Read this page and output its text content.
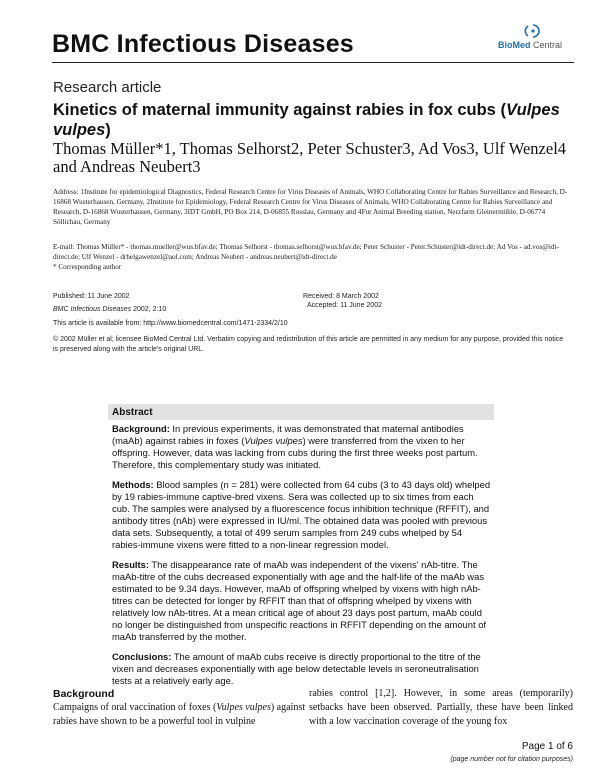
BMC Infectious Diseases	BioMed Central
Research article
Kinetics of maternal immunity against rabies in fox cubs (Vulpes vulpes)
Thomas Müller*1, Thomas Selhorst2, Peter Schuster3, Ad Vos3, Ulf Wenzel4
and Andreas Neubert3
Address: 1Institute for epidemiological Diagnostics, Federal Research Centre for Virus Diseases of Animals, WHO Collaborating Centre for Rabies Surveillance and Research, D-16868 Wusterhausen, Germany, 2Institute for Epidemiology, Federal Research Centre for Virus Diseases of Animals, WHO Collaborating Centre for Rabies Surveillance and Research, D-16868 Wusterhausen, Germany, 3IDT GmbH, PO Box 214, D-06855 Rosslau, Germany and 4Fur Animal Breeding station, Nerzfarm Gleinermühle, D-06774 Söllichau, Germany
E-mail: Thomas Müller* - thomas.mueller@wus.bfav.de; Thomas Selhorst - thomas.selhorst@wus.bfav.de; Peter Schuster - Peter.Schuster@idt-direct.de; Ad Vos - ad.vos@idt-direct.de; Ulf Wenzel - drhelgawenzel@aol.com; Andreas Neubert - andreas.neubert@idt-direct.de
* Corresponding author
Published: 11 June 2002
BMC Infectious Diseases 2002, 2:10
This article is available from: http://www.biomedcentral.com/1471-2334/2/10
Received: 8 March 2002
Accepted: 11 June 2002
© 2002 Müller et al; licensee BioMed Central Ltd. Verbatim copying and redistribution of this article are permitted in any medium for any purpose, provided this notice is preserved along with the article's original URL.
Abstract

Background: In previous experiments, it was demonstrated that maternal antibodies (maAb) against rabies in foxes (Vulpes vulpes) were transferred from the vixen to her offspring. However, data was lacking from cubs during the first three weeks post partum. Therefore, this complementary study was initiated.

Methods: Blood samples (n = 281) were collected from 64 cubs (3 to 43 days old) whelped by 19 rabies-immune captive-bred vixens. Sera was collected up to six times from each cub. The samples were analysed by a fluorescence focus inhibition technique (RFFIT), and antibody titres (nAb) were expressed in IU/ml. The obtained data was pooled with previous data sets. Subsequently, a total of 499 serum samples from 249 cubs whelped by 54 rabies-immune vixens were fitted to a non-linear regression model.

Results: The disappearance rate of maAb was independent of the vixens' nAb-titre. The maAb-titre of the cubs decreased exponentially with age and the half-life of the maAb was estimated to be 9.34 days. However, maAb of offspring whelped by vixens with high nAb-titres can be detected for longer by RFFIT than that of offspring whelped by vixens with relatively low nAb-titres. At a mean critical age of about 23 days post partum, maAb could no longer be distinguished from unspecific reactions in RFFIT depending on the amount of maAb transferred by the mother.

Conclusions: The amount of maAb cubs receive is directly proportional to the titre of the vixen and decreases exponentially with age below detectable levels in seroneutralisation tests at a relatively early age.

Background
Campaigns of oral vaccination of foxes (Vulpes vulpes) against rabies have shown to be a powerful tool in vulpine
rabies control [1,2]. However, in some areas (temporarily) setbacks have been observed. Partially, these have been linked with a low vaccination coverage of the young fox
Page 1 of 6
(page number not for citation purposes)
